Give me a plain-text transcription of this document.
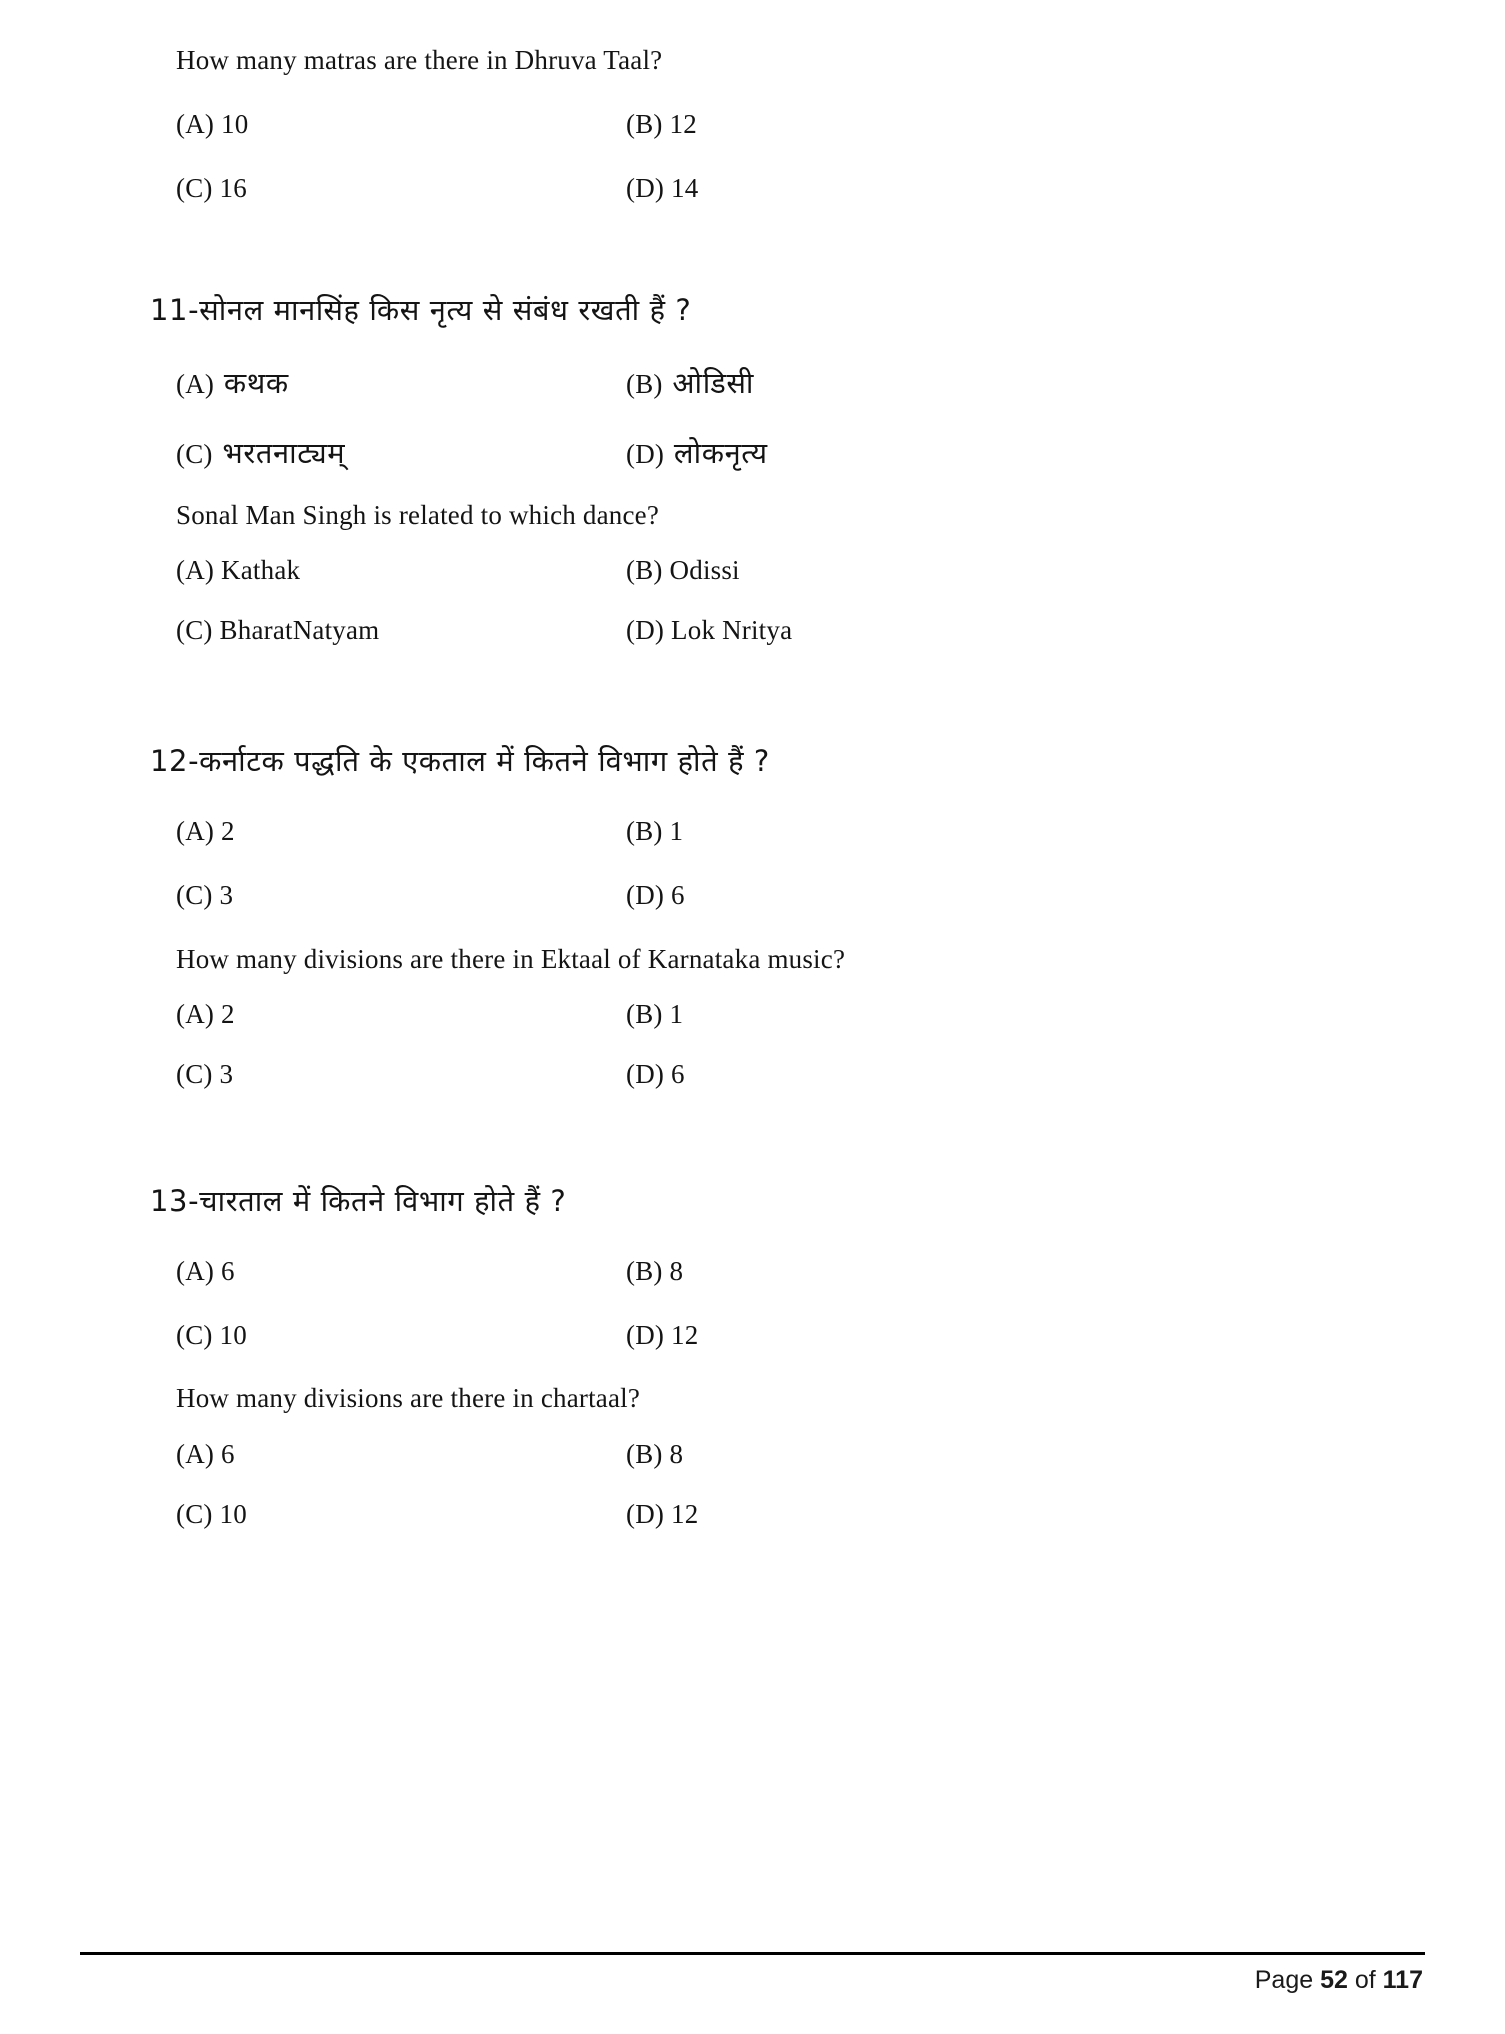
How many matras are there in Dhruva Taal?
(A) 10	(B) 12
(C) 16	(D) 14
11-सोनल मानसिंह किस नृत्य से संबंध रखती हैं ?
(A) कथक	(B) ओडिसी
(C) भरतनाट्यम्	(D) लोकनृत्य
Sonal Man Singh is related to which dance?
(A) Kathak	(B) Odissi
(C) BharatNatyam	(D) Lok Nritya
12-कर्नाटक पद्धति के एकताल में कितने विभाग होते हैं ?
(A) 2	(B) 1
(C) 3	(D) 6
How many divisions are there in Ektaal of Karnataka music?
(A) 2	(B) 1
(C) 3	(D) 6
13-चारताल में कितने विभाग होते हैं ?
(A) 6	(B) 8
(C) 10	(D) 12
How many divisions are there in chartaal?
(A) 6	(B) 8
(C) 10	(D) 12
Page 52 of 117
